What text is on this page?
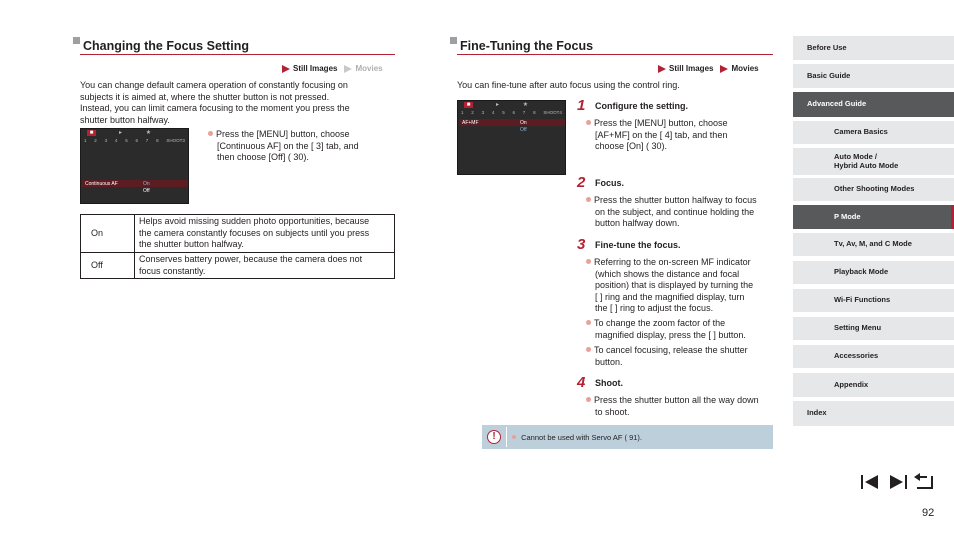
Changing the Focus Setting
Still Images Movies
You can change default camera operation of constantly focusing on
subjects it is aimed at, where the shutter button is not pressed.
Instead, you can limit camera focusing to the moment you press the
shutter button halfway.
■	▸	★
1 2 3 4 5 6 7 8 SHOOT3
Continuous AF	On
Off
Press the [MENU] button, choose
[Continuous AF] on the [ 3] tab, and
then choose [Off] ( 30).
On	Helps avoid missing sudden photo opportunities, because
the camera constantly focuses on subjects until you press
the shutter button halfway.

Off	Conserves battery power, because the camera does not
focus constantly.
Fine-Tuning the Focus
Still Images Movies
You can fine-tune after auto focus using the control ring.
■	▸	★
1 2 3 4 5 6 7 8 SHOOT4
AF+MF	On
Off
1 Configure the setting.
Press the [MENU] button, choose
[AF+MF] on the [ 4] tab, and then
choose [On] ( 30).
2 Focus.
Press the shutter button halfway to focus
on the subject, and continue holding the
button halfway down.
3 Fine-tune the focus.
Referring to the on-screen MF indicator
(which shows the distance and focal
position) that is displayed by turning the
[ ] ring and the magnified display, turn
the [ ] ring to adjust the focus.
To change the zoom factor of the
magnified display, press the [ ] button.
To cancel focusing, release the shutter
button.
4 Shoot.
Press the shutter button all the way down
to shoot.
!	Cannot be used with Servo AF ( 91).
Before Use
Basic Guide
Advanced Guide
Camera Basics
Auto Mode /
Hybrid Auto Mode
Other Shooting Modes
P Mode
Tv, Av, M, and C Mode
Playback Mode
Wi-Fi Functions
Setting Menu
Accessories
Appendix
Index
92
